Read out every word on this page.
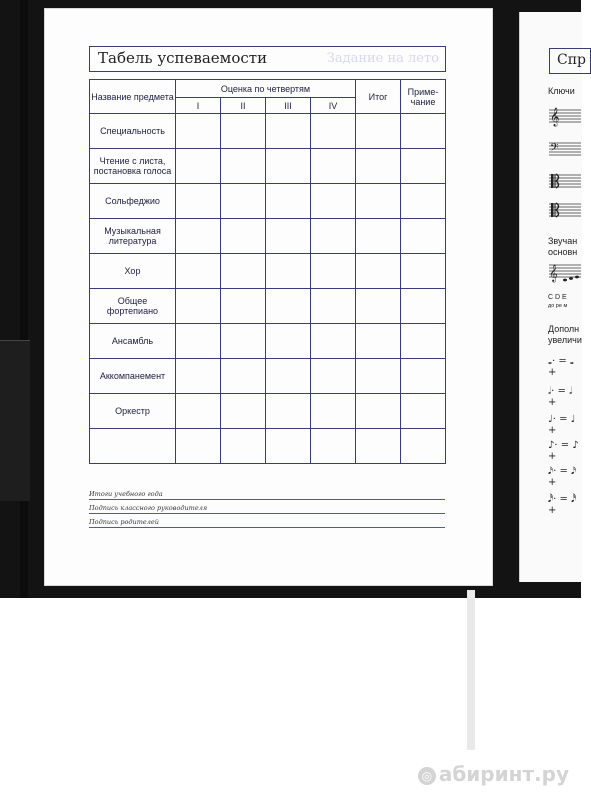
Табель успеваемости	Задание на лето
Название предмета	Оценка по четвертям				Итог	Приме-чание
	I	II	III	IV		
Специальность						
Чтение с листа, постановка голоса						
Сольфеджио						
Музыкальная литература						
Хор						
Общее фортепиано						
Ансамбль						
Аккомпанемент						
Оркестр						

Итоги учебного года
Подпись классного руководителя
Подпись родителей
Спр
Ключи
𝄞
𝄢
Звучан
основн
𝄞
C D E
до ре м
Дополн
увеличи
𝅝· = 𝅝 +
𝅗𝅥· = 𝅗𝅥 +
♩· = ♩ +
♪· = ♪ +
𝅘𝅥𝅯· = 𝅘𝅥𝅯 +
𝅘𝅥𝅰· = 𝅘𝅥𝅰 +
◎ абиринт.ру
